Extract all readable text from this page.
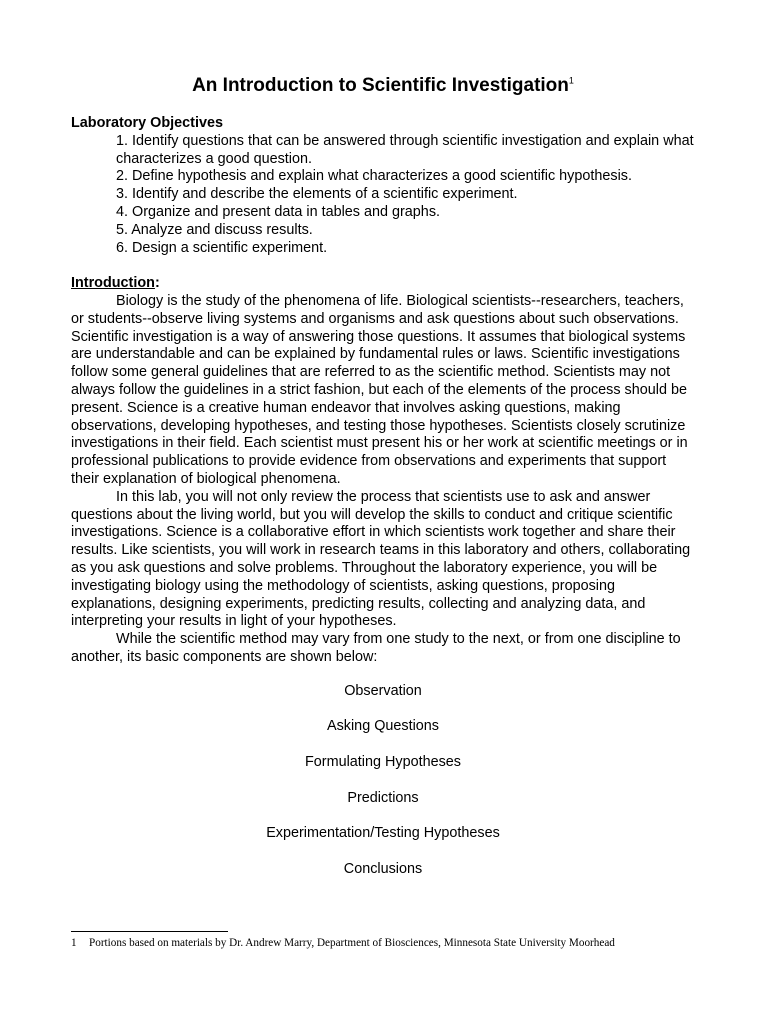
An Introduction to Scientific Investigation$^1$
Laboratory Objectives
1. Identify questions that can be answered through scientific investigation and explain what characterizes a good question.
2. Define hypothesis and explain what characterizes a good scientific hypothesis.
3. Identify and describe the elements of a scientific experiment.
4. Organize and present data in tables and graphs.
5. Analyze and discuss results.
6. Design a scientific experiment.
Introduction:

Biology is the study of the phenomena of life. Biological scientists--researchers, teachers, or students--observe living systems and organisms and ask questions about such observations. Scientific investigation is a way of answering those questions. It assumes that biological systems are understandable and can be explained by fundamental rules or laws. Scientific investigations follow some general guidelines that are referred to as the scientific method. Scientists may not always follow the guidelines in a strict fashion, but each of the elements of the process should be present. Science is a creative human endeavor that involves asking questions, making observations, developing hypotheses, and testing those hypotheses. Scientists closely scrutinize investigations in their field. Each scientist must present his or her work at scientific meetings or in professional publications to provide evidence from observations and experiments that support their explanation of biological phenomena.

In this lab, you will not only review the process that scientists use to ask and answer questions about the living world, but you will develop the skills to conduct and critique scientific investigations. Science is a collaborative effort in which scientists work together and share their results. Like scientists, you will work in research teams in this laboratory and others, collaborating as you ask questions and solve problems. Throughout the laboratory experience, you will be investigating biology using the methodology of scientists, asking questions, proposing explanations, designing experiments, predicting results, collecting and analyzing data, and interpreting your results in light of your hypotheses.

While the scientific method may vary from one study to the next, or from one discipline to another, its basic components are shown below:

Observation
Asking Questions
Formulating Hypotheses
Predictions
Experimentation/Testing Hypotheses
Conclusions
1 Portions based on materials by Dr. Andrew Marry, Department of Biosciences, Minnesota State University Moorhead
